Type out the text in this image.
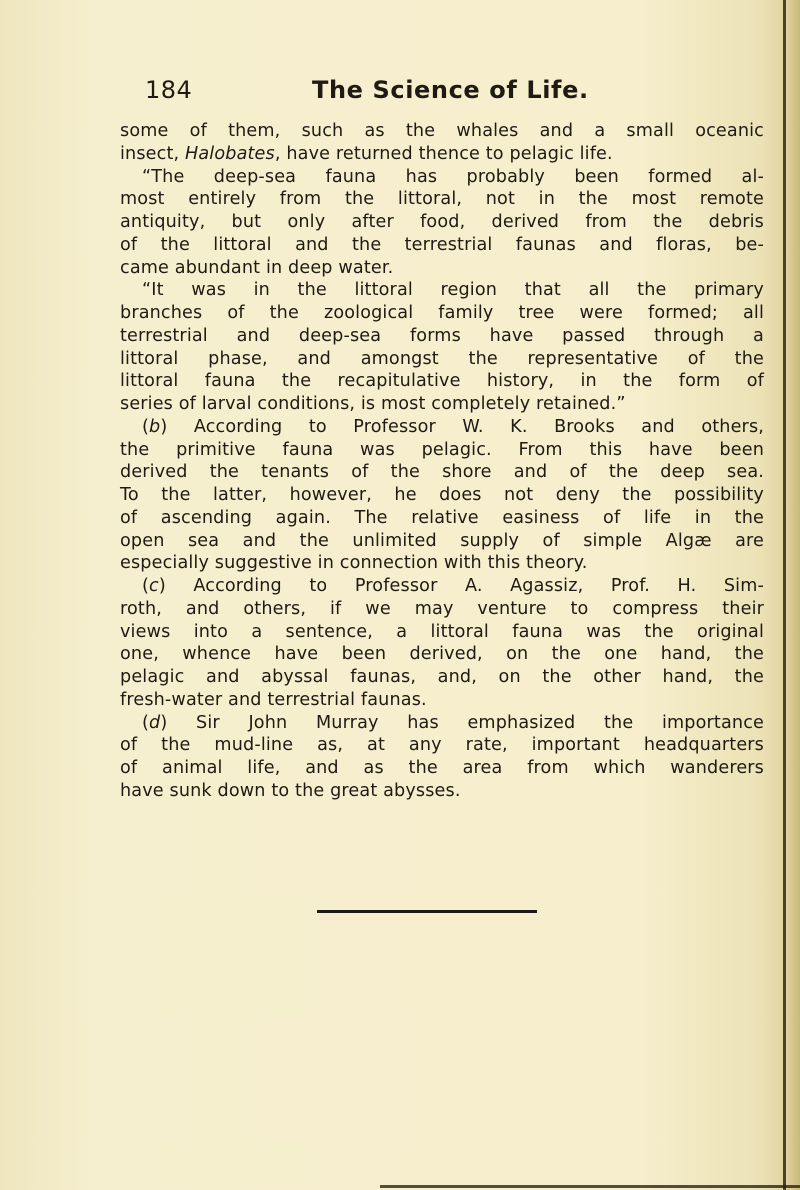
184	The Science of Life.
some of them, such as the whales and a small oceanic
insect, Halobates, have returned thence to pelagic life.
“The deep-sea fauna has probably been formed al-
most entirely from the littoral, not in the most remote
antiquity, but only after food, derived from the debris
of the littoral and the terrestrial faunas and floras, be-
came abundant in deep water.
“It was in the littoral region that all the primary
branches of the zoological family tree were formed; all
terrestrial and deep-sea forms have passed through a
littoral phase, and amongst the representative of the
littoral fauna the recapitulative history, in the form of
series of larval conditions, is most completely retained.”
(b) According to Professor W. K. Brooks and others,
the primitive fauna was pelagic. From this have been
derived the tenants of the shore and of the deep sea.
To the latter, however, he does not deny the possibility
of ascending again. The relative easiness of life in the
open sea and the unlimited supply of simple Algæ are
especially suggestive in connection with this theory.
(c) According to Professor A. Agassiz, Prof. H. Sim-
roth, and others, if we may venture to compress their
views into a sentence, a littoral fauna was the original
one, whence have been derived, on the one hand, the
pelagic and abyssal faunas, and, on the other hand, the
fresh-water and terrestrial faunas.
(d) Sir John Murray has emphasized the importance
of the mud-line as, at any rate, important headquarters
of animal life, and as the area from which wanderers
have sunk down to the great abysses.
